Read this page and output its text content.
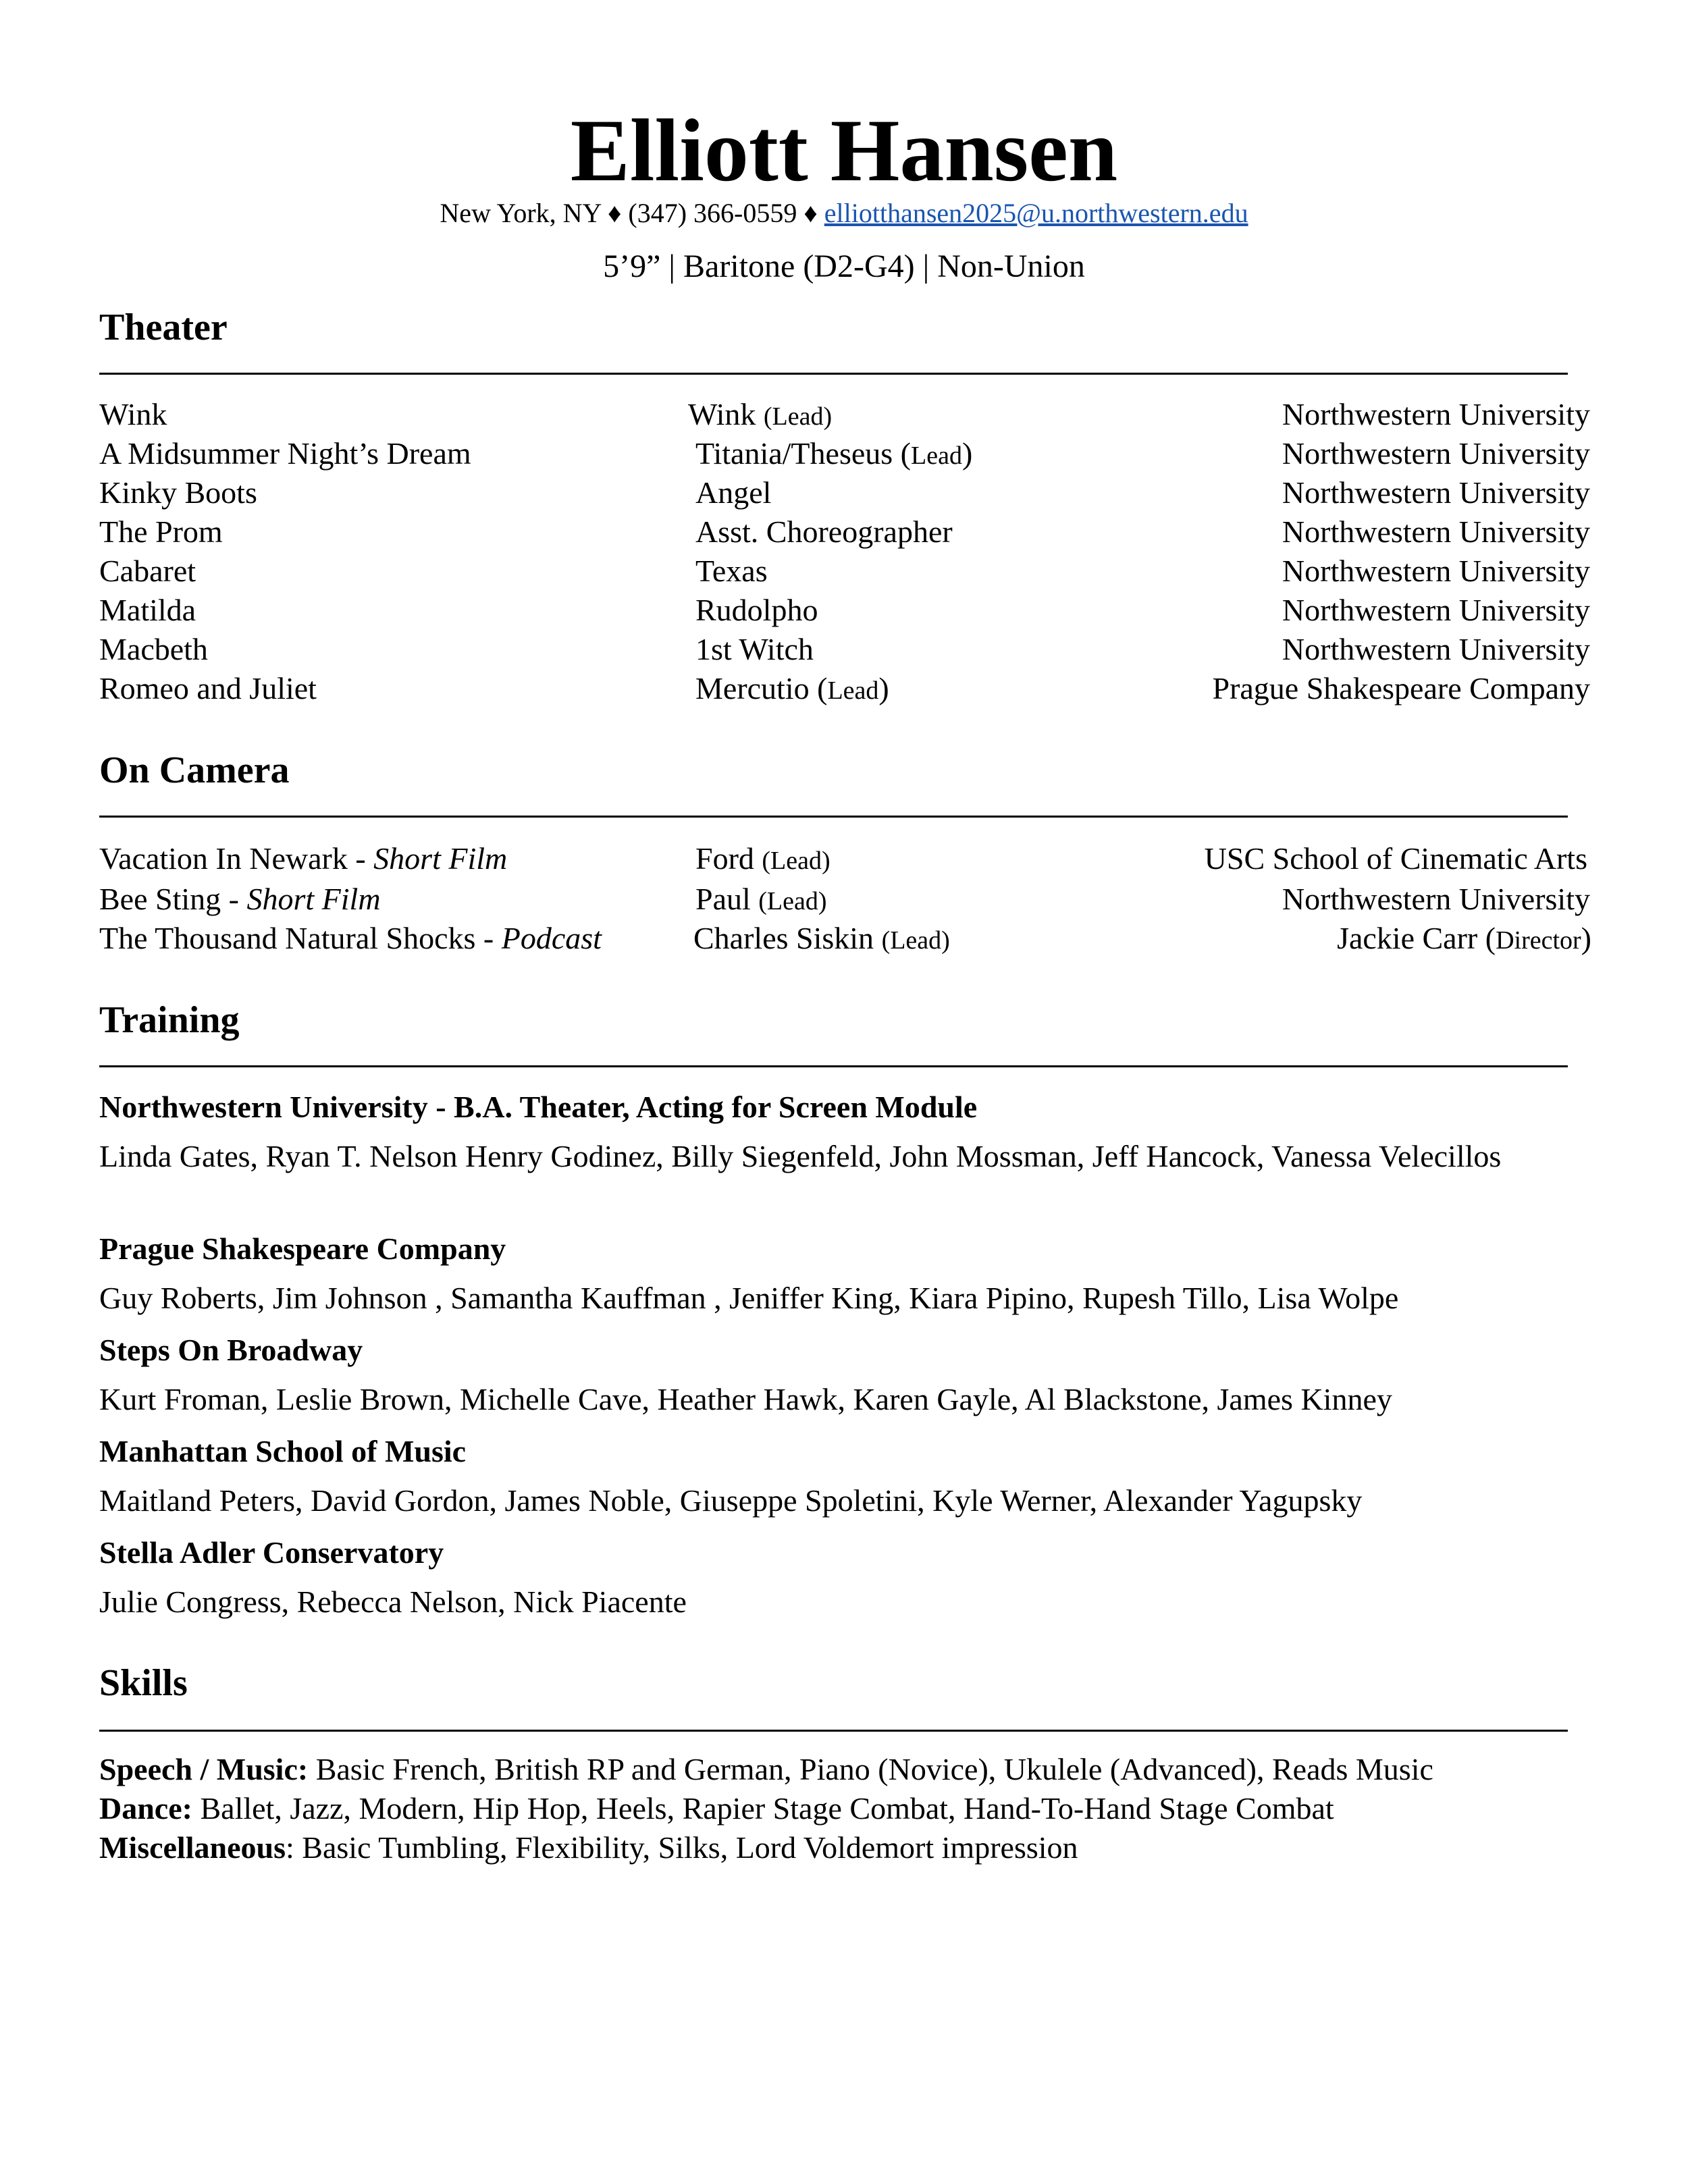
Elliott Hansen
New York, NY ♦ (347) 366-0559 ♦ elliotthansen2025@u.northwestern.edu
5’9” | Baritone (D2-G4) | Non-Union
Theater
Wink	Wink (Lead)	Northwestern University
A Midsummer Night’s Dream	Titania/Theseus (Lead)	Northwestern University
Kinky Boots	Angel	Northwestern University
The Prom	Asst. Choreographer	Northwestern University
Cabaret	Texas	Northwestern University
Matilda	Rudolpho	Northwestern University
Macbeth	1st Witch	Northwestern University
Romeo and Juliet	Mercutio (Lead)	Prague Shakespeare Company
On Camera
Vacation In Newark - Short Film	Ford (Lead)	USC School of Cinematic Arts
Bee Sting - Short Film	Paul (Lead)	Northwestern University
The Thousand Natural Shocks - Podcast	Charles Siskin (Lead)	Jackie Carr (Director)
Training
Northwestern University - B.A. Theater, Acting for Screen Module
Linda Gates, Ryan T. Nelson Henry Godinez, Billy Siegenfeld, John Mossman, Jeff Hancock, Vanessa Velecillos
Prague Shakespeare Company
Guy Roberts, Jim Johnson , Samantha Kauffman , Jeniffer King, Kiara Pipino, Rupesh Tillo, Lisa Wolpe
Steps On Broadway
Kurt Froman, Leslie Brown, Michelle Cave, Heather Hawk, Karen Gayle, Al Blackstone, James Kinney
Manhattan School of Music
Maitland Peters, David Gordon, James Noble, Giuseppe Spoletini, Kyle Werner, Alexander Yagupsky
Stella Adler Conservatory
Julie Congress, Rebecca Nelson, Nick Piacente
Skills
Speech / Music: Basic French, British RP and German, Piano (Novice), Ukulele (Advanced), Reads Music
Dance: Ballet, Jazz, Modern, Hip Hop, Heels, Rapier Stage Combat, Hand-To-Hand Stage Combat
Miscellaneous: Basic Tumbling, Flexibility, Silks, Lord Voldemort impression
